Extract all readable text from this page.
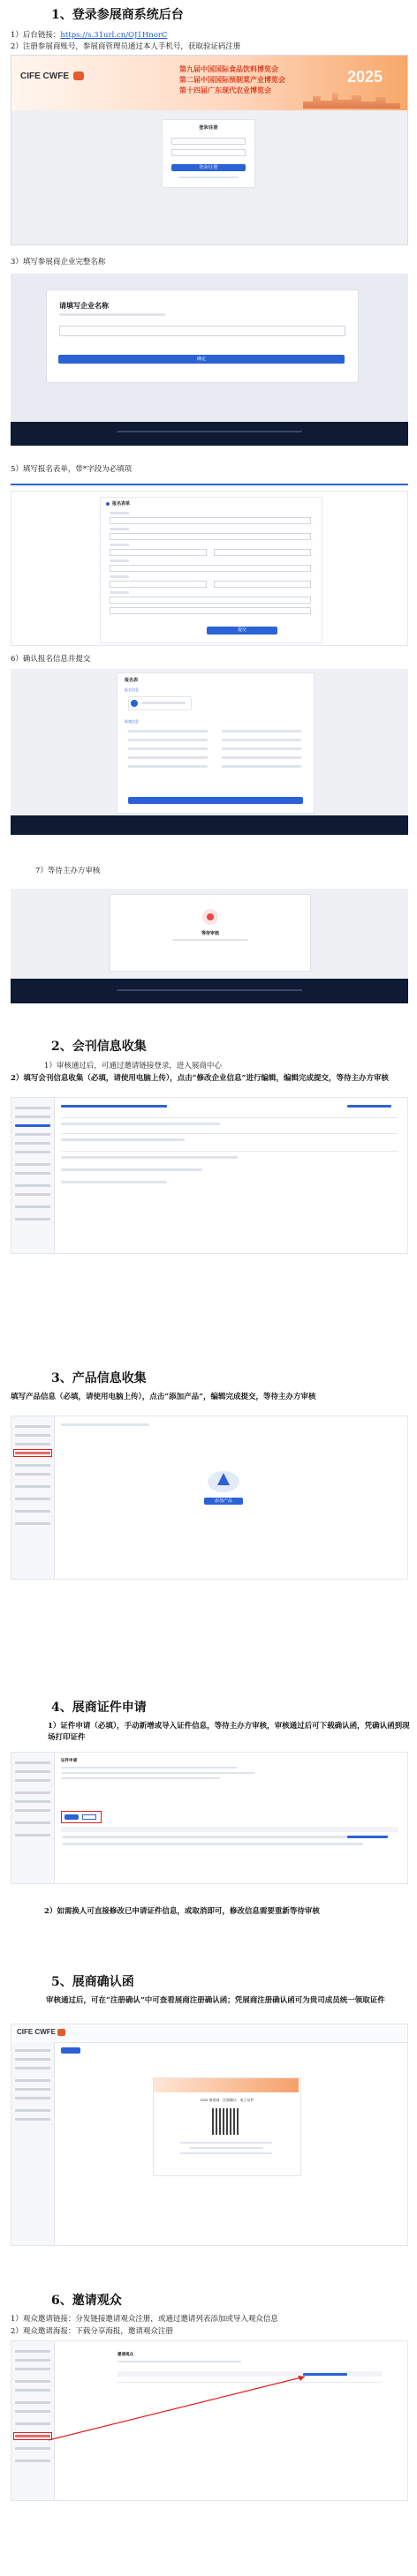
1、登录参展商系统后台
1）后台链接：https://s.31url.cn/OJ1HnorC
2）注册参展商账号，参展商管理员通过本人手机号，获取验证码注册
CIFE CWFE	2025
第九届中国国际食品饮料博览会
第二届中国国际预制菜产业博览会
第十四届广东现代农业博览会
登录/注册
登录/注册
3）填写参展商企业完整名称
请填写企业名称
确定
5）填写报名表单，带*字段为必填项
报名表单
提交
6）确认报名信息并提交
报名表
报名信息
展商信息
7）等待主办方审核
等待审核
2、会刊信息收集
1）审核通过后，可通过邀请链接登录，进入展商中心
2）填写会刊信息收集（必填，请使用电脑上传），点击“修改企业信息”进行编辑，编辑完成提交，等待主办方审核
3、产品信息收集
填写产品信息（必填，请使用电脑上传），点击“添加产品”，编辑完成提交，等待主办方审核
添加产品
4、展商证件申请
1）证件申请（必填），手动新增或导入证件信息，等待主办方审核，审核通过后可下载确认函，凭确认函到现场打印证件
证件申请
2）如需换人可直接修改已申请证件信息，或取消即可，修改信息需要重新等待审核
5、展商确认函
审核通过后，可在“注册确认”中可查看展商注册确认函；凭展商注册确认函可为贵司成员统一领取证件
CIFE CWFE
2025 参展商 · 注册确认 · 电子证件
6、邀请观众
1）观众邀请链接：分发链接邀请观众注册，或通过邀请列表添加或导入观众信息
2）观众邀请海报：下载分享海报，邀请观众注册
邀请观众
